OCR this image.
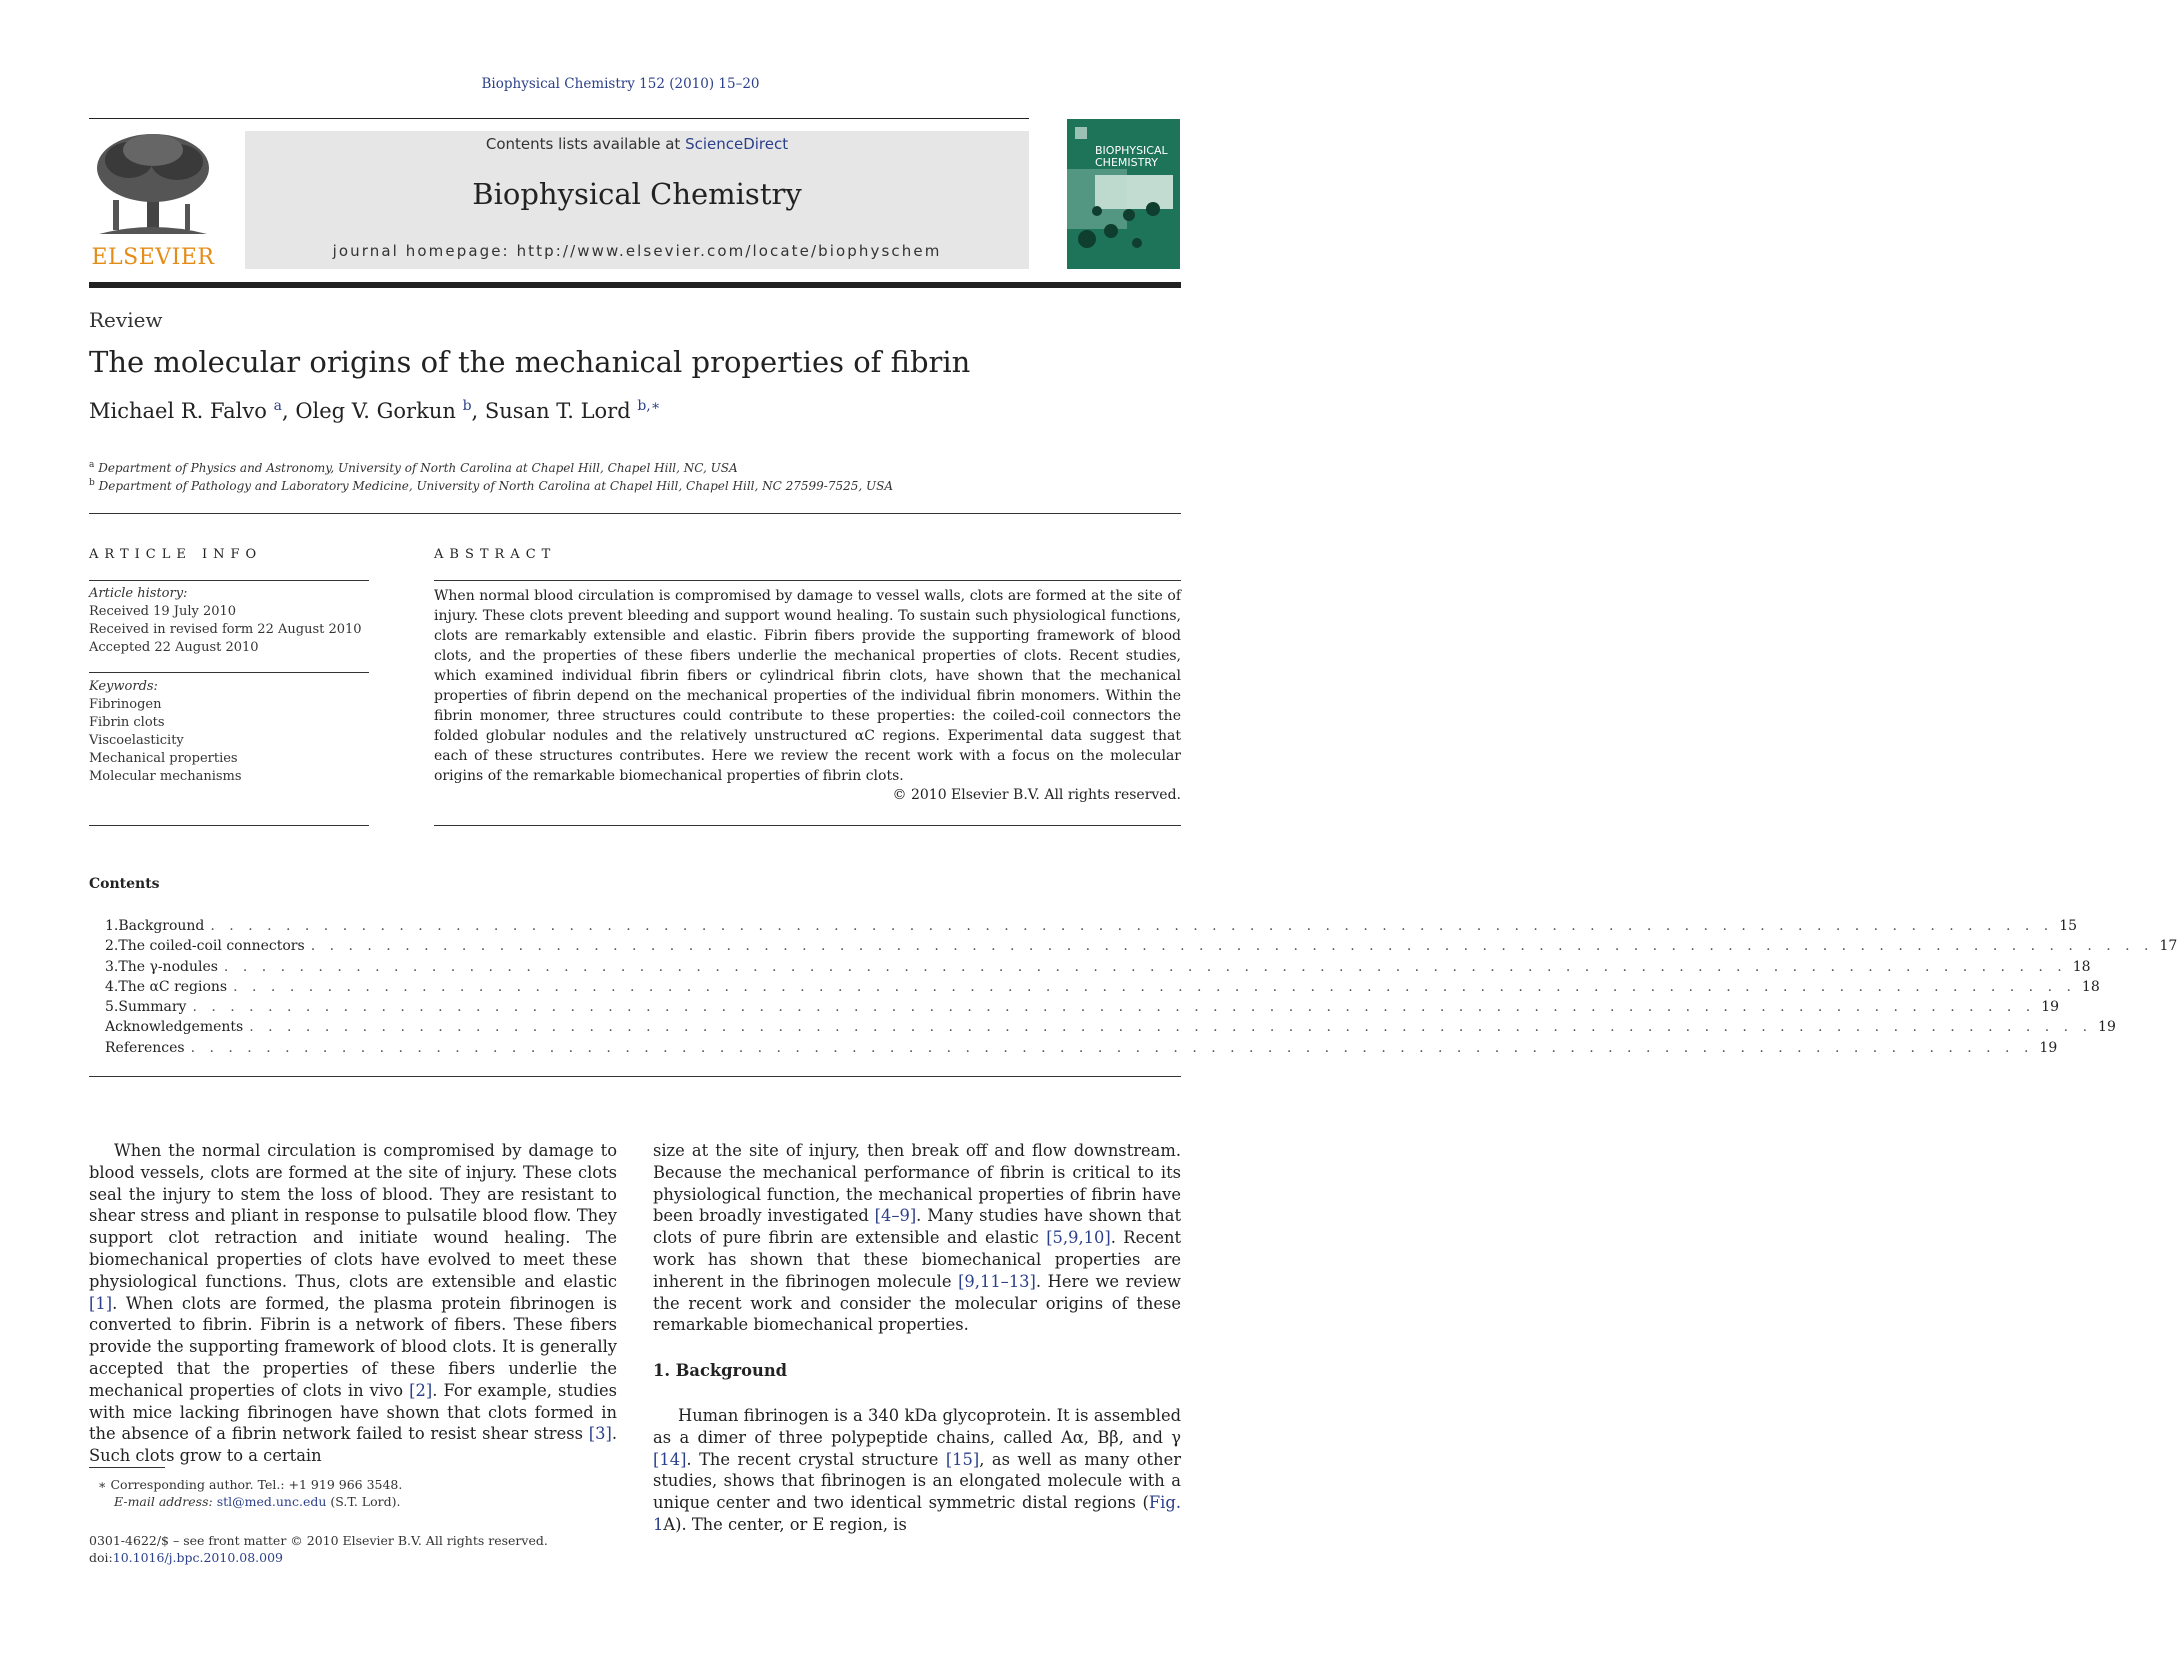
Biophysical Chemistry 152 (2010) 15–20
ELSEVIER
Contents lists available at ScienceDirect
Biophysical Chemistry
journal homepage: http://www.elsevier.com/locate/biophyschem
BIOPHYSICAL
CHEMISTRY
Review
The molecular origins of the mechanical properties of fibrin
Michael R. Falvo $^a$, Oleg V. Gorkun $^b$, Susan T. Lord $^{b,∗}$
$^a$ Department of Physics and Astronomy, University of North Carolina at Chapel Hill, Chapel Hill, NC, USA
$^b$ Department of Pathology and Laboratory Medicine, University of North Carolina at Chapel Hill, Chapel Hill, NC 27599-7525, USA
ARTICLE INFO
Article history:
Received 19 July 2010
Received in revised form 22 August 2010
Accepted 22 August 2010
Keywords:
Fibrinogen
Fibrin clots
Viscoelasticity
Mechanical properties
Molecular mechanisms
ABSTRACT
When normal blood circulation is compromised by damage to vessel walls, clots are formed at the site of injury. These clots prevent bleeding and support wound healing. To sustain such physiological functions, clots are remarkably extensible and elastic. Fibrin fibers provide the supporting framework of blood clots, and the properties of these fibers underlie the mechanical properties of clots. Recent studies, which examined individual fibrin fibers or cylindrical fibrin clots, have shown that the mechanical properties of fibrin depend on the mechanical properties of the individual fibrin monomers. Within the fibrin monomer, three structures could contribute to these properties: the coiled-coil connectors the folded globular nodules and the relatively unstructured αC regions. Experimental data suggest that each of these structures contributes. Here we review the recent work with a focus on the molecular origins of the remarkable biomechanical properties of fibrin clots.
© 2010 Elsevier B.V. All rights reserved.
Contents
1. Background . . . . . . . . . . . . . . . . . . . . . . . . . . . . . . . . . . . . . . . . . . . . . . . . . . . . . . . . . . . . . . . . . . . . . . . . . . . . . . . . . . . . . . . . . . . . . . . . . . 15
2. The coiled-coil connectors . . . . . . . . . . . . . . . . . . . . . . . . . . . . . . . . . . . . . . . . . . . . . . . . . . . . . . . . . . . . . . . . . . . . . . . . . . . . . . . . . . . . . . . . . . . . . . . . . . 17
3. The γ-nodules . . . . . . . . . . . . . . . . . . . . . . . . . . . . . . . . . . . . . . . . . . . . . . . . . . . . . . . . . . . . . . . . . . . . . . . . . . . . . . . . . . . . . . . . . . . . . . . . . . 18
4. The αC regions . . . . . . . . . . . . . . . . . . . . . . . . . . . . . . . . . . . . . . . . . . . . . . . . . . . . . . . . . . . . . . . . . . . . . . . . . . . . . . . . . . . . . . . . . . . . . . . . . . 18
5. Summary . . . . . . . . . . . . . . . . . . . . . . . . . . . . . . . . . . . . . . . . . . . . . . . . . . . . . . . . . . . . . . . . . . . . . . . . . . . . . . . . . . . . . . . . . . . . . . . . . . 19
Acknowledgements . . . . . . . . . . . . . . . . . . . . . . . . . . . . . . . . . . . . . . . . . . . . . . . . . . . . . . . . . . . . . . . . . . . . . . . . . . . . . . . . . . . . . . . . . . . . . . . . . . 19
References . . . . . . . . . . . . . . . . . . . . . . . . . . . . . . . . . . . . . . . . . . . . . . . . . . . . . . . . . . . . . . . . . . . . . . . . . . . . . . . . . . . . . . . . . . . . . . . . . . 19

When the normal circulation is compromised by damage to blood vessels, clots are formed at the site of injury. These clots seal the injury to stem the loss of blood. They are resistant to shear stress and pliant in response to pulsatile blood flow. They support clot retraction and initiate wound healing. The biomechanical properties of clots have evolved to meet these physiological functions. Thus, clots are extensible and elastic [1]. When clots are formed, the plasma protein fibrinogen is converted to fibrin. Fibrin is a network of fibers. These fibers provide the supporting framework of blood clots. It is generally accepted that the properties of these fibers underlie the mechanical properties of clots in vivo [2]. For example, studies with mice lacking fibrinogen have shown that clots formed in the absence of a fibrin network failed to resist shear stress [3]. Such clots grow to a certain

size at the site of injury, then break off and flow downstream. Because the mechanical performance of fibrin is critical to its physiological function, the mechanical properties of fibrin have been broadly investigated [4–9]. Many studies have shown that clots of pure fibrin are extensible and elastic [5,9,10]. Recent work has shown that these biomechanical properties are inherent in the fibrinogen molecule [9,11–13]. Here we review the recent work and consider the molecular origins of these remarkable biomechanical properties.

1. Background

Human fibrinogen is a 340 kDa glycoprotein. It is assembled as a dimer of three polypeptide chains, called Aα, Bβ, and γ [14]. The recent crystal structure [15], as well as many other studies, shows that fibrinogen is an elongated molecule with a unique center and two identical symmetric distal regions (Fig. 1A). The center, or E region, is

∗ Corresponding author. Tel.: +1 919 966 3548.
E-mail address: stl@med.unc.edu (S.T. Lord).
0301-4622/$ – see front matter © 2010 Elsevier B.V. All rights reserved.
doi:10.1016/j.bpc.2010.08.009
